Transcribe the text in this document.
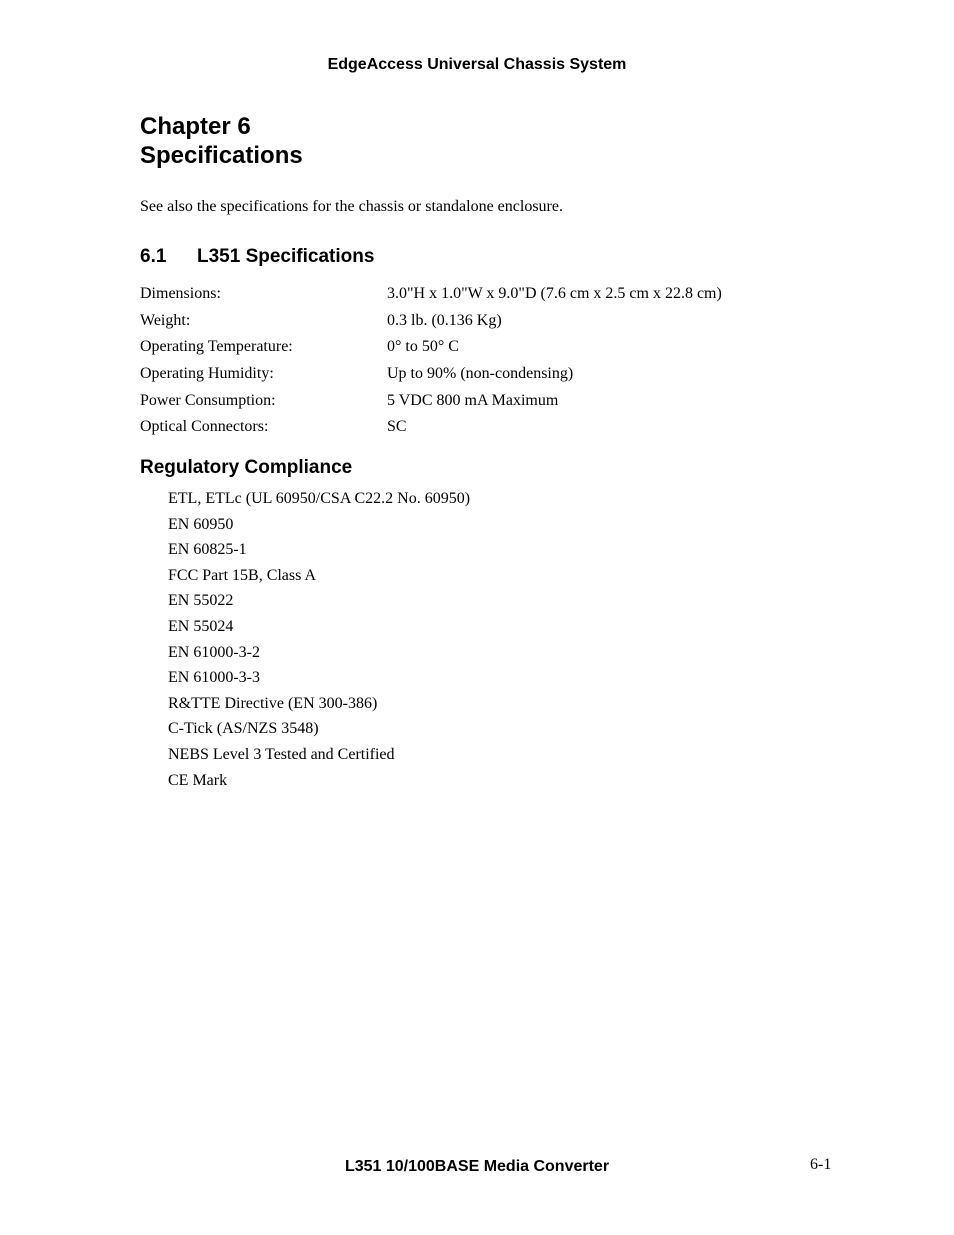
EdgeAccess Universal Chassis System
Chapter 6
Specifications

See also the specifications for the chassis or standalone enclosure.

6.1 L351 Specifications
Dimensions:	3.0"H x 1.0"W x 9.0"D (7.6 cm x 2.5 cm x 22.8 cm)
Weight:	0.3 lb. (0.136 Kg)
Operating Temperature:	0° to 50° C
Operating Humidity:	Up to 90% (non-condensing)
Power Consumption:	5 VDC 800 mA Maximum
Optical Connectors:	SC
Regulatory Compliance
ETL, ETLc (UL 60950/CSA C22.2 No. 60950)
EN 60950
EN 60825-1
FCC Part 15B, Class A
EN 55022
EN 55024
EN 61000-3-2
EN 61000-3-3
R&TTE Directive (EN 300-386)
C-Tick (AS/NZS 3548)
NEBS Level 3 Tested and Certified
CE Mark
L351 10/100BASE Media Converter	6-1
